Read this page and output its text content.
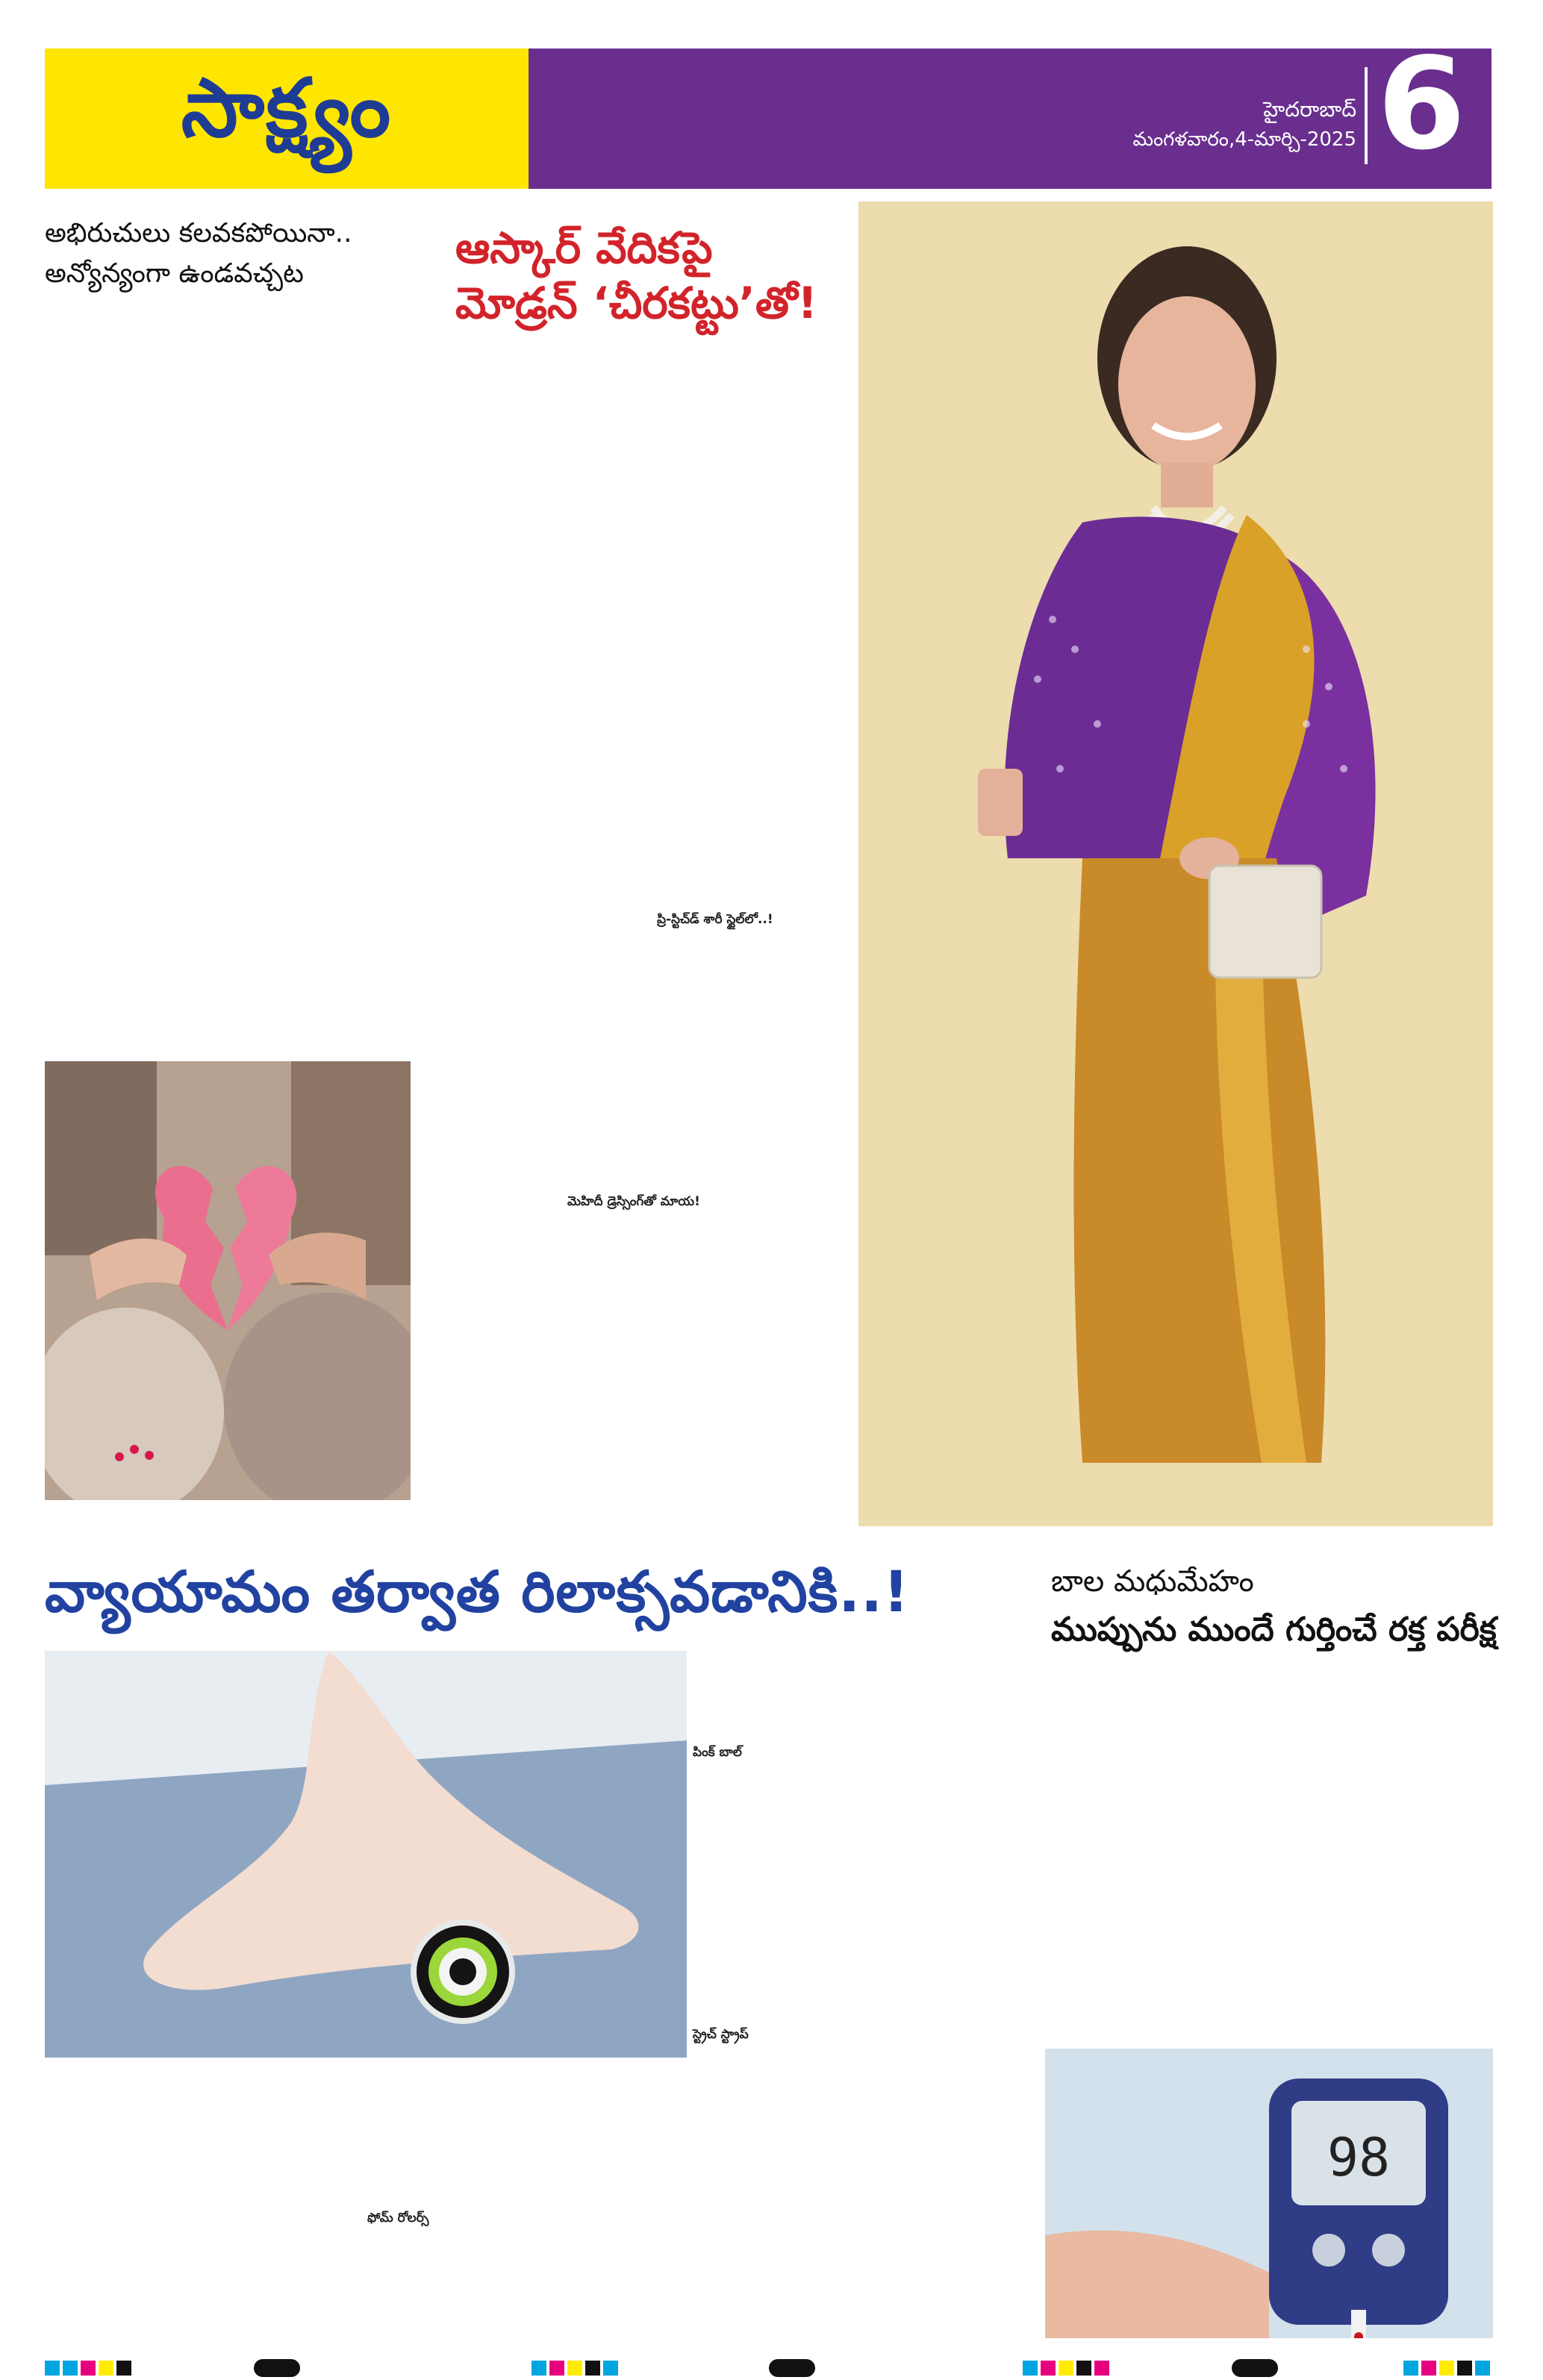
సాక్ష్యం	హైదరాబాద్
మంగళవారం,4-మార్చి-2025 6
అభిరుచులు కలవకపోయినా..
అన్యోన్యంగా ఉండవచ్చట
ఆస్కార్ వేదికపై
మోడ్రన్ ‘చీరకట్టు’తో!
ప్రి-స్టిచ్‌డ్ శారీ స్టైల్‌లో..!
మెహిదీ డ్రెస్సింగ్‌తో మాయ!
వ్యాయామం తర్వాత రిలాక్సవడానికి..!
పింక్ బాల్
స్ట్రెచ్ స్ట్రాప్
ఫోమ్ రోలర్స్
బాల మధుమేహం
ముప్పును ముందే గుర్తించే రక్త పరీక్ష
98
